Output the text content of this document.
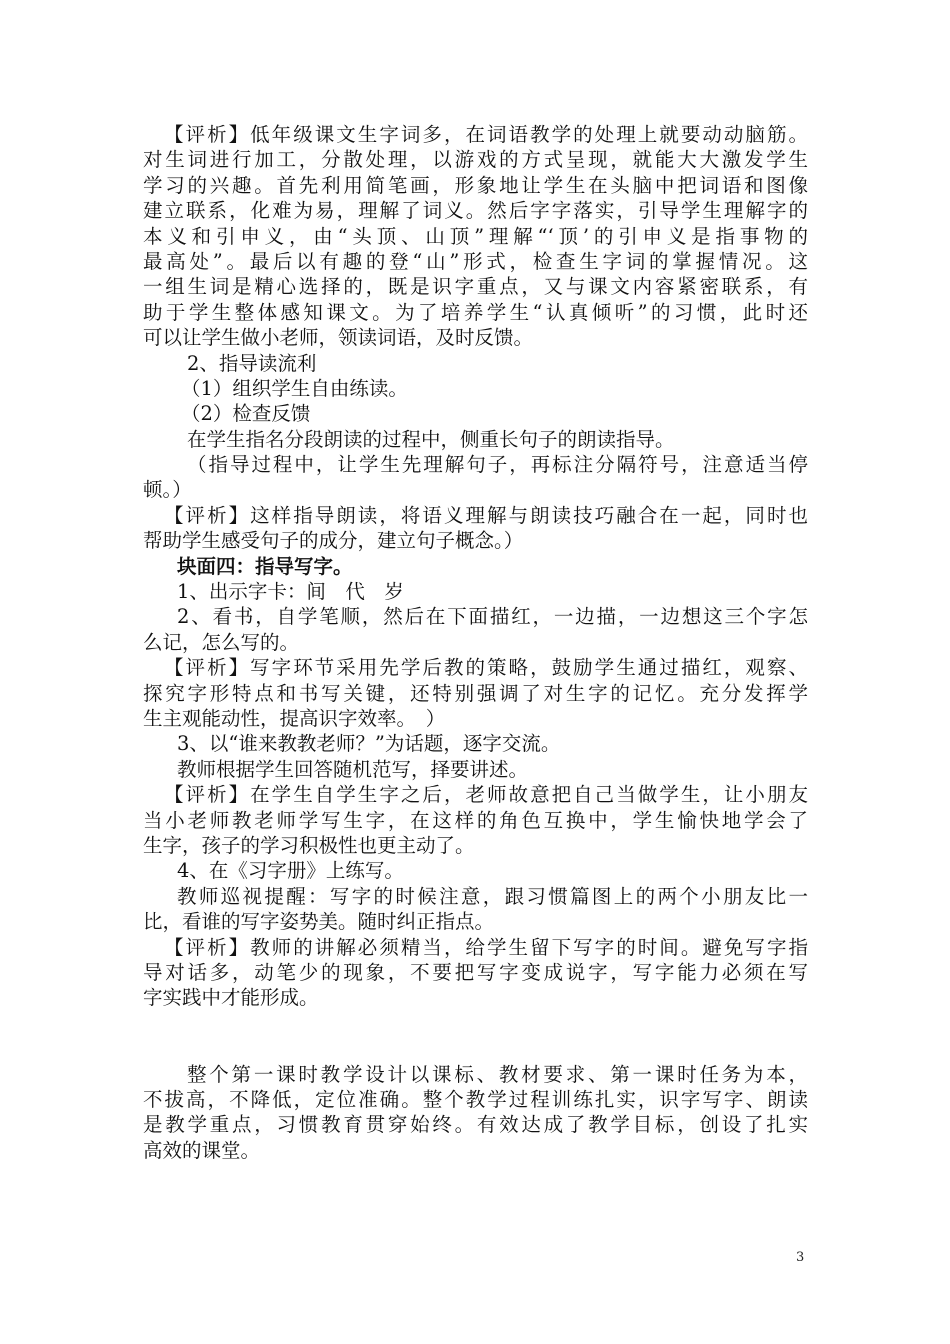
【评析】低年级课文生字词多，在词语教学的处理上就要动动脑筋。
对生词进行加工，分散处理，以游戏的方式呈现，就能大大激发学生
学习的兴趣。首先利用简笔画，形象地让学生在头脑中把词语和图像
建立联系，化难为易，理解了词义。然后字字落实，引导学生理解字的
本义和引申义，由“头顶、山顶”理解“‘顶’的引申义是指事物的
最高处”。最后以有趣的登“山”形式，检查生字词的掌握情况。这
一组生词是精心选择的，既是识字重点，又与课文内容紧密联系，有
助于学生整体感知课文。为了培养学生“认真倾听”的习惯，此时还
可以让学生做小老师，领读词语，及时反馈。
2、指导读流利
（1）组织学生自由练读。
（2）检查反馈
在学生指名分段朗读的过程中，侧重长句子的朗读指导。
（指导过程中，让学生先理解句子，再标注分隔符号，注意适当停
顿。）
【评析】这样指导朗读，将语义理解与朗读技巧融合在一起，同时也
帮助学生感受句子的成分，建立句子概念。）
块面四：指导写字。
1、出示字卡：间　代　岁
2、看书，自学笔顺，然后在下面描红，一边描，一边想这三个字怎
么记，怎么写的。
【评析】写字环节采用先学后教的策略，鼓励学生通过描红，观察、
探究字形特点和书写关键，还特别强调了对生字的记忆。充分发挥学
生主观能动性，提高识字效率。　）
3、以“谁来教教老师？”为话题，逐字交流。
教师根据学生回答随机范写，择要讲述。
【评析】在学生自学生字之后，老师故意把自己当做学生，让小朋友
当小老师教老师学写生字，在这样的角色互换中，学生愉快地学会了
生字，孩子的学习积极性也更主动了。
4、在《习字册》上练写。
教师巡视提醒：写字的时候注意，跟习惯篇图上的两个小朋友比一
比，看谁的写字姿势美。随时纠正指点。
【评析】教师的讲解必须精当，给学生留下写字的时间。避免写字指
导对话多，动笔少的现象，不要把写字变成说字，写字能力必须在写
字实践中才能形成。
整个第一课时教学设计以课标、教材要求、第一课时任务为本，
不拔高，不降低，定位准确。整个教学过程训练扎实，识字写字、朗读
是教学重点，习惯教育贯穿始终。有效达成了教学目标，创设了扎实
高效的课堂。
3
